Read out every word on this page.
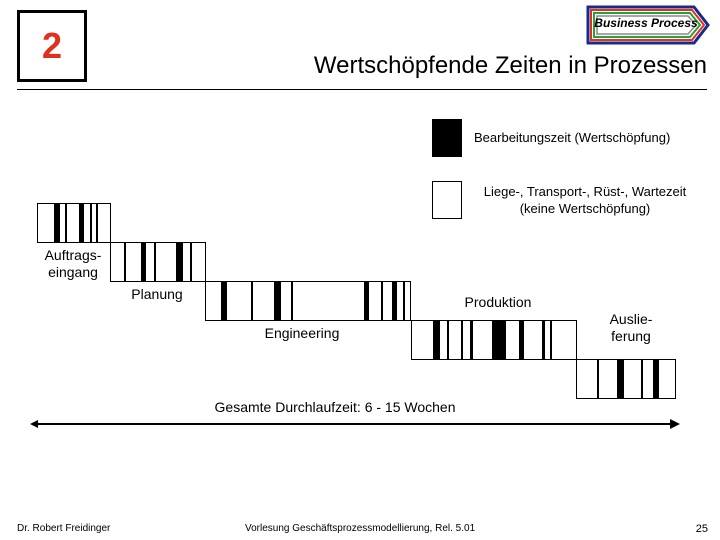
2
Business Process
Wertschöpfende Zeiten in Prozessen
Bearbeitungszeit (Wertschöpfung)
Liege-, Transport-, Rüst-, Wartezeit
(keine Wertschöpfung)
Auftrags-
eingang
Planung
Engineering
Produktion
Auslie-
ferung
Gesamte Durchlaufzeit: 6 - 15 Wochen
Dr. Robert Freidinger	Vorlesung Geschäftsprozessmodellierung, Rel. 5.01	25
